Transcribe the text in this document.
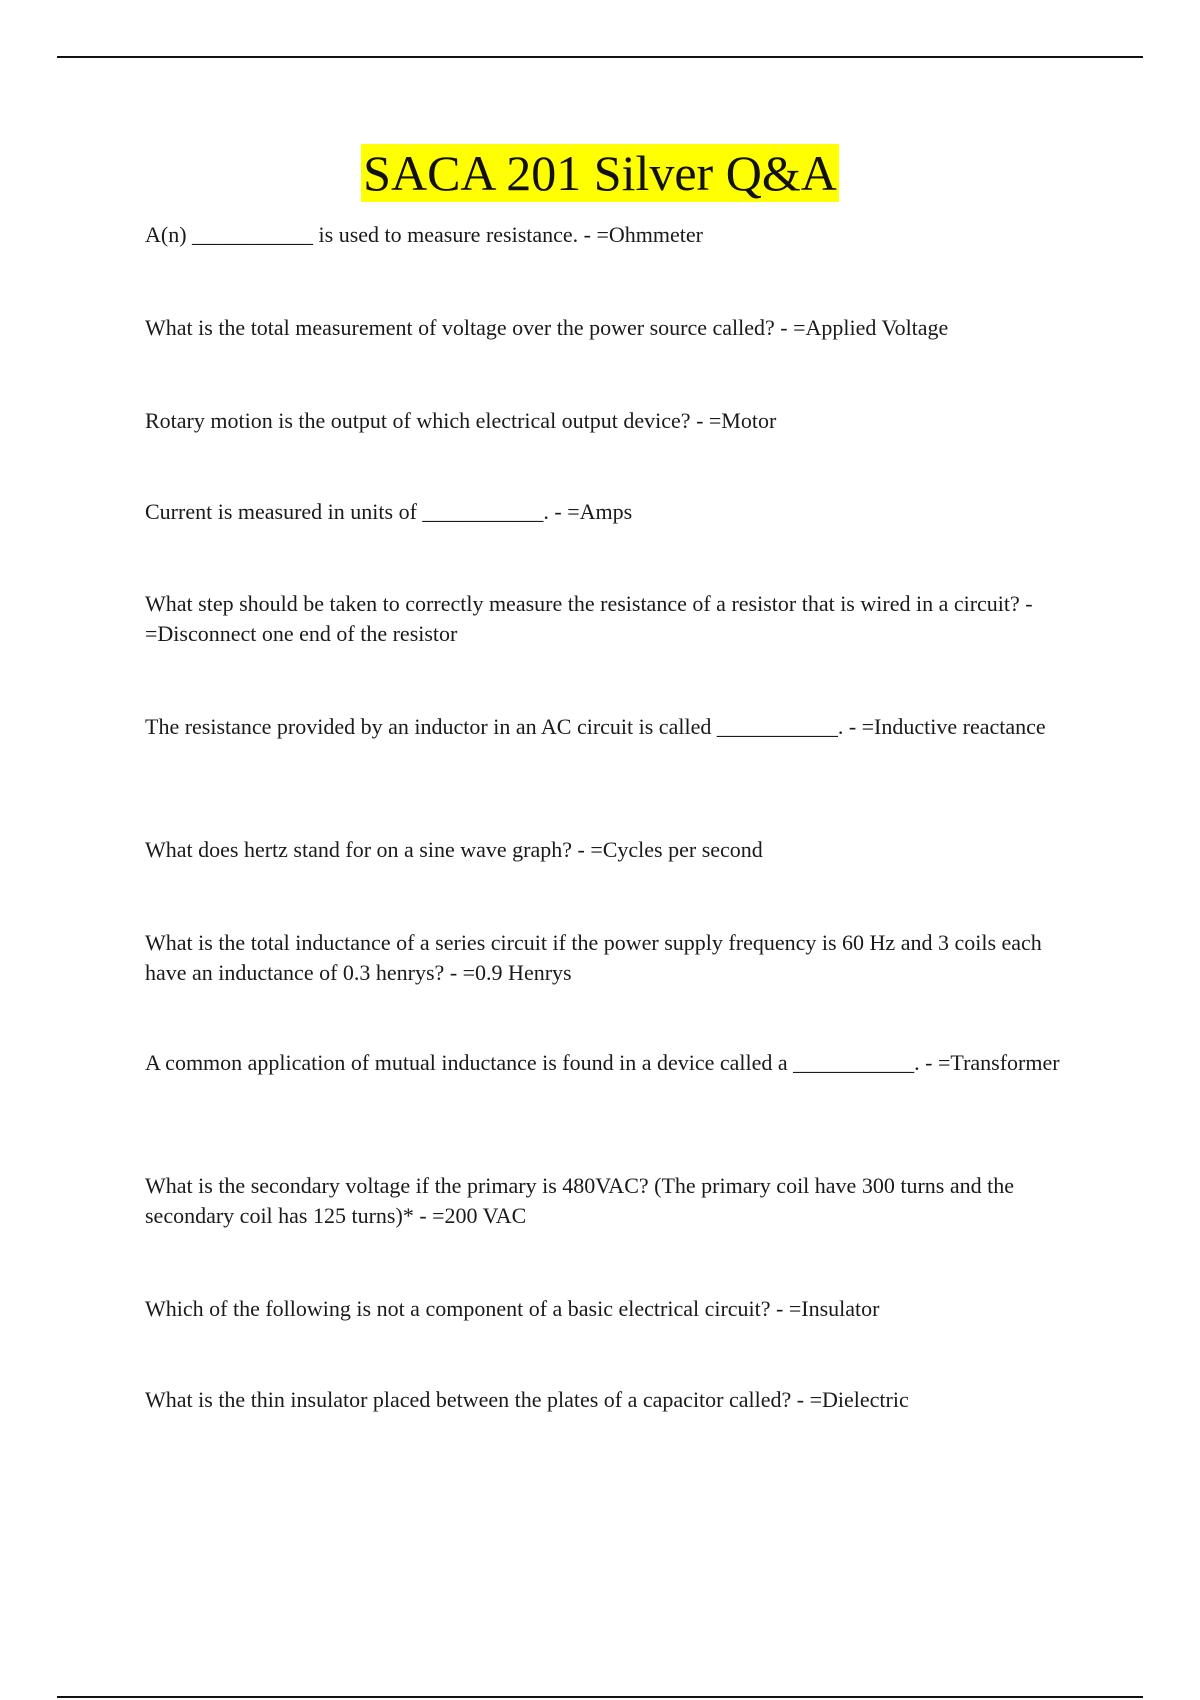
SACA 201 Silver Q&A

A(n) ___________ is used to measure resistance. - =Ohmmeter

What is the total measurement of voltage over the power source called? - =Applied Voltage

Rotary motion is the output of which electrical output device? - =Motor

Current is measured in units of ___________. - =Amps

What step should be taken to correctly measure the resistance of a resistor that is wired in a circuit? - =Disconnect one end of the resistor

The resistance provided by an inductor in an AC circuit is called ___________. - =Inductive reactance

What does hertz stand for on a sine wave graph? - =Cycles per second

What is the total inductance of a series circuit if the power supply frequency is 60 Hz and 3 coils each have an inductance of 0.3 henrys? - =0.9 Henrys

A common application of mutual inductance is found in a device called a ___________. - =Transformer

What is the secondary voltage if the primary is 480VAC? (The primary coil have 300 turns and the secondary coil has 125 turns)* - =200 VAC

Which of the following is not a component of a basic electrical circuit? - =Insulator

What is the thin insulator placed between the plates of a capacitor called? - =Dielectric
